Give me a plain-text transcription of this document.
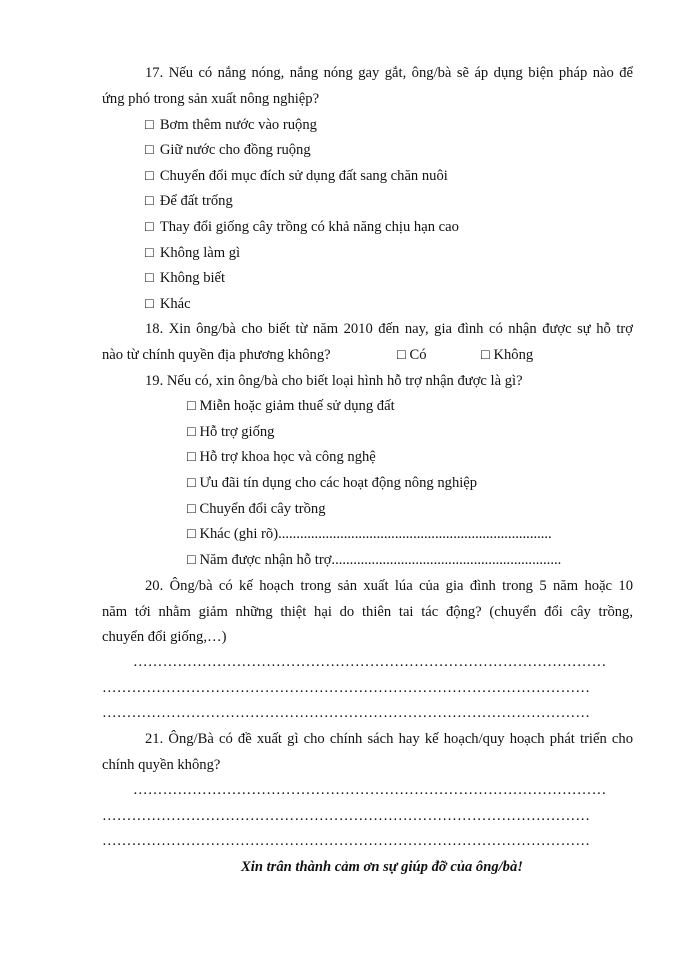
17. Nếu có nắng nóng, nắng nóng gay gắt, ông/bà sẽ áp dụng biện pháp nào để
ứng phó trong sản xuất nông nghiệp?
□ Bơm thêm nước vào ruộng
□ Giữ nước cho đồng ruộng
□ Chuyển đổi mục đích sử dụng đất sang chăn nuôi
□ Để đất trống
□ Thay đổi giống cây trồng có khả năng chịu hạn cao
□ Không làm gì
□ Không biết
□ Khác
18. Xin ông/bà cho biết từ năm 2010 đến nay, gia đình có nhận được sự hỗ trợ
nào từ chính quyền địa phương không?	□ Có	□ Không
19. Nếu có, xin ông/bà cho biết loại hình hỗ trợ nhận được là gì?
□ Miễn hoặc giảm thuế sử dụng đất
□ Hỗ trợ giống
□ Hỗ trợ khoa học và công nghệ
□ Ưu đãi tín dụng cho các hoạt động nông nghiệp
□ Chuyển đổi cây trồng
□ Khác (ghi rõ)...........................................................................
□ Năm được nhận hỗ trợ...............................................................
20. Ông/bà có kế hoạch trong sản xuất lúa của gia đình trong 5 năm hoặc 10
năm tới nhằm giảm những thiệt hại do thiên tai tác động? (chuyển đổi cây trồng,
chuyển đổi giống,…)
……………………………………………………………………………………
………………………………………………………………………………………
………………………………………………………………………………………
21. Ông/Bà có đề xuất gì cho chính sách hay kế hoạch/quy hoạch phát triển cho
chính quyền không?
……………………………………………………………………………………
………………………………………………………………………………………
………………………………………………………………………………………
Xin trân thành cảm ơn sự giúp đỡ của ông/bà!
